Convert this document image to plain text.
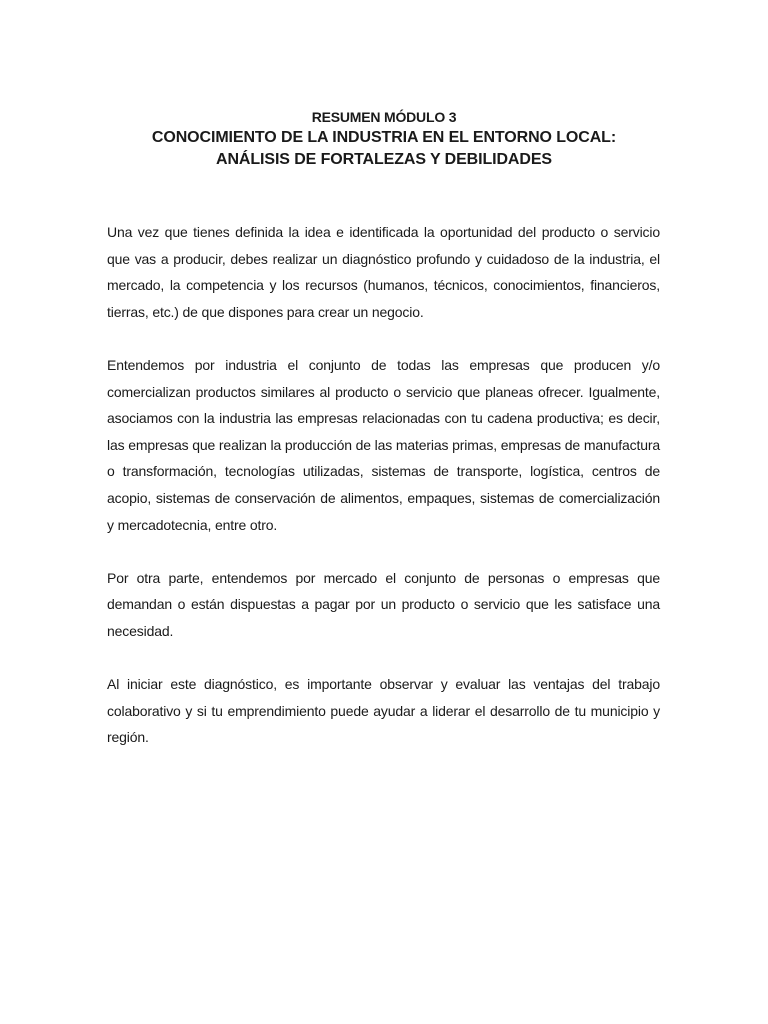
RESUMEN MÓDULO 3
CONOCIMIENTO DE LA INDUSTRIA EN EL ENTORNO LOCAL:
ANÁLISIS DE FORTALEZAS Y DEBILIDADES

Una vez que tienes definida la idea e identificada la oportunidad del producto o servicio que vas a producir, debes realizar un diagnóstico profundo y cuidadoso de la industria, el mercado, la competencia y los recursos (humanos, técnicos, conocimientos, financieros, tierras, etc.) de que dispones para crear un negocio.

Entendemos por industria el conjunto de todas las empresas que producen y/o comercializan productos similares al producto o servicio que planeas ofrecer. Igualmente, asociamos con la industria las empresas relacionadas con tu cadena productiva; es decir, las empresas que realizan la producción de las materias primas, empresas de manufactura o transformación, tecnologías utilizadas, sistemas de transporte, logística, centros de acopio, sistemas de conservación de alimentos, empaques, sistemas de comercialización y mercadotecnia, entre otro.

Por otra parte, entendemos por mercado el conjunto de personas o empresas que demandan o están dispuestas a pagar por un producto o servicio que les satisface una necesidad.

Al iniciar este diagnóstico, es importante observar y evaluar las ventajas del trabajo colaborativo y si tu emprendimiento puede ayudar a liderar el desarrollo de tu municipio y región.
